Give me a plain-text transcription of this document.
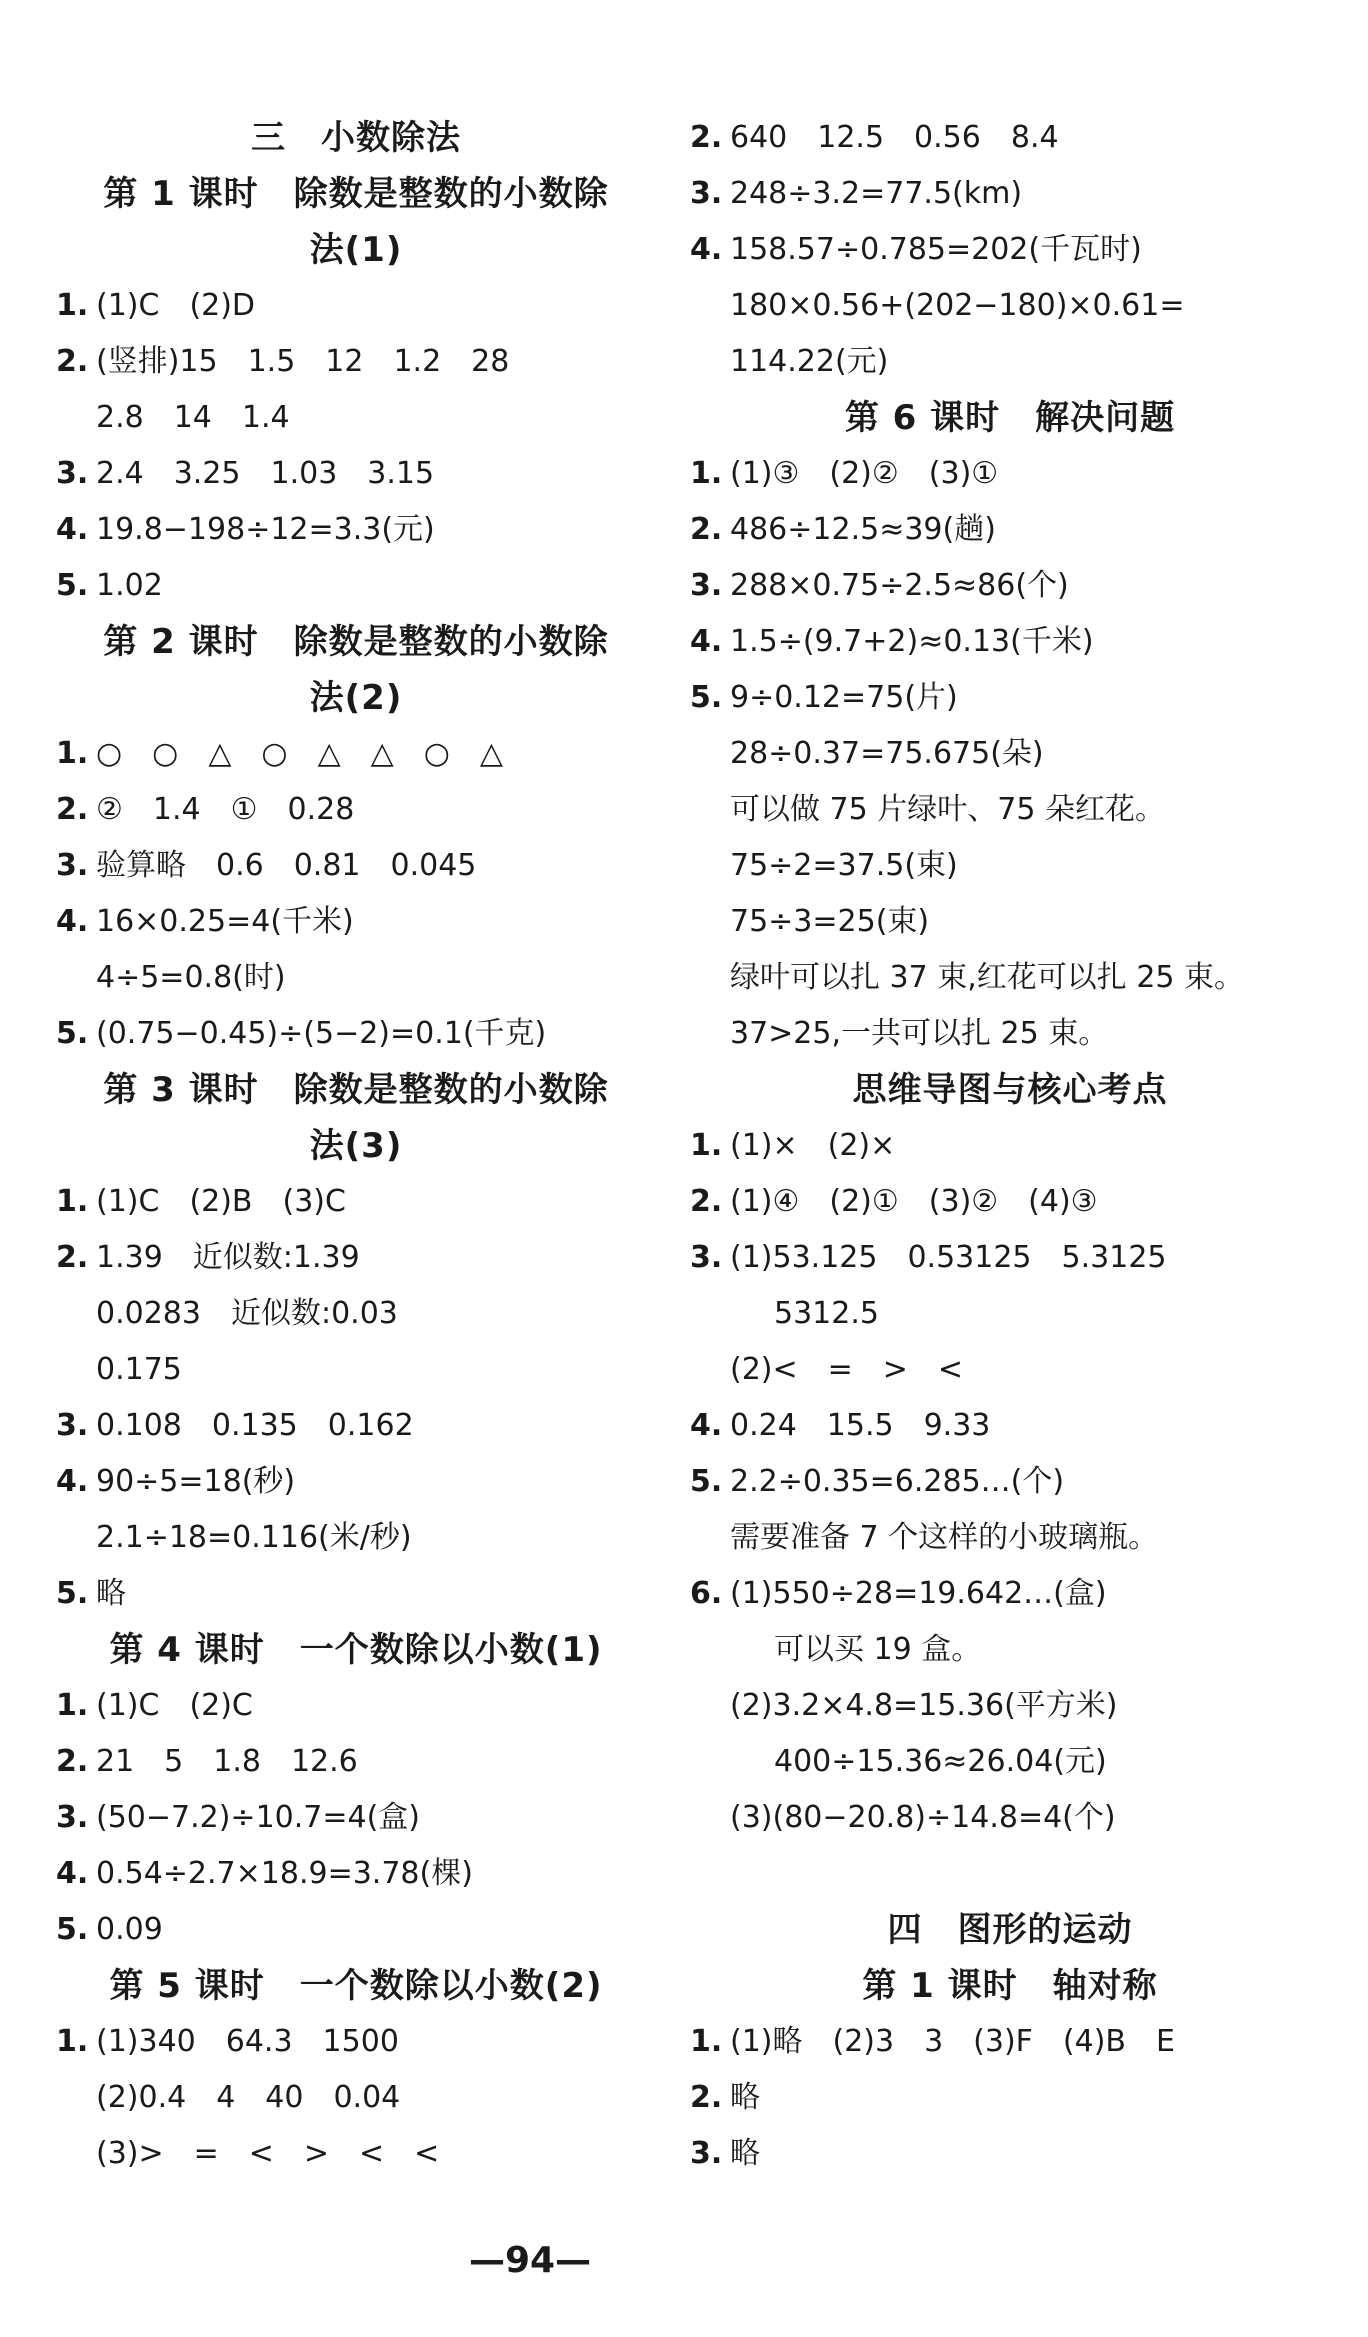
三　小数除法
第 1 课时　除数是整数的小数除
法(1)
1. (1)C　(2)D
2. (竖排)15　1.5　12　1.2　28
2.8　14　1.4
3. 2.4　3.25　1.03　3.15
4. 19.8−198÷12=3.3(元)
5. 1.02
第 2 课时　除数是整数的小数除
法(2)
1. ○　○　△　○　△　△　○　△
2. ②　1.4　①　0.28
3. 验算略　0.6　0.81　0.045
4. 16×0.25=4(千米)
4÷5=0.8(时)
5. (0.75−0.45)÷(5−2)=0.1(千克)
第 3 课时　除数是整数的小数除
法(3)
1. (1)C　(2)B　(3)C
2. 1.39　近似数:1.39
0.0283　近似数:0.03
0.175
3. 0.108　0.135　0.162
4. 90÷5=18(秒)
2.1÷18=0.116(米/秒)
5. 略
第 4 课时　一个数除以小数(1)
1. (1)C　(2)C
2. 21　5　1.8　12.6
3. (50−7.2)÷10.7=4(盒)
4. 0.54÷2.7×18.9=3.78(棵)
5. 0.09
第 5 课时　一个数除以小数(2)
1. (1)340　64.3　1500
(2)0.4　4　40　0.04
(3)>　=　<　>　<　<
2. 640　12.5　0.56　8.4
3. 248÷3.2=77.5(km)
4. 158.57÷0.785=202(千瓦时)
180×0.56+(202−180)×0.61=
114.22(元)
第 6 课时　解决问题
1. (1)③　(2)②　(3)①
2. 486÷12.5≈39(趟)
3. 288×0.75÷2.5≈86(个)
4. 1.5÷(9.7+2)≈0.13(千米)
5. 9÷0.12=75(片)
28÷0.37=75.675(朵)
可以做 75 片绿叶、75 朵红花。
75÷2=37.5(束)
75÷3=25(束)
绿叶可以扎 37 束,红花可以扎 25 束。
37>25,一共可以扎 25 束。
思维导图与核心考点
1. (1)×　(2)×
2. (1)④　(2)①　(3)②　(4)③
3. (1)53.125　0.53125　5.3125
5312.5
(2)<　=　>　<
4. 0.24　15.5　9.33
5. 2.2÷0.35=6.285…(个)
需要准备 7 个这样的小玻璃瓶。
6. (1)550÷28=19.642…(盒)
可以买 19 盒。
(2)3.2×4.8=15.36(平方米)
400÷15.36≈26.04(元)
(3)(80−20.8)÷14.8=4(个)
四　图形的运动
第 1 课时　轴对称
1. (1)略　(2)3　3　(3)F　(4)B　E
2. 略
3. 略
—94—
